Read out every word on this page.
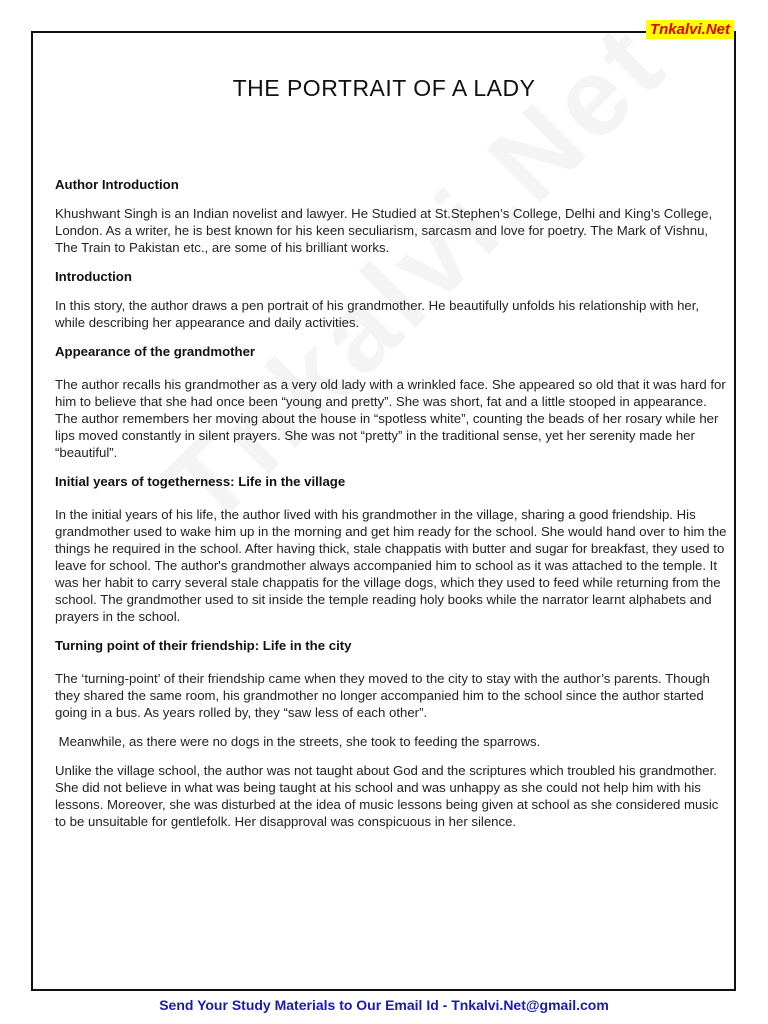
Tnkalvi.Net
THE PORTRAIT OF A LADY
Author Introduction

Khushwant Singh is an Indian novelist and lawyer. He Studied at St.Stephen’s College, Delhi and King’s College, London. As a writer, he is best known for his keen seculiarism, sarcasm and love for poetry. The Mark of Vishnu, The Train to Pakistan etc., are some of his brilliant works.

Introduction

In this story, the author draws a pen portrait of his grandmother. He beautifully unfolds his relationship with her, while describing her appearance and daily activities.

Appearance of the grandmother

The author recalls his grandmother as a very old lady with a wrinkled face. She appeared so old that it was hard for him to believe that she had once been “young and pretty”. She was short, fat and a little stooped in appearance. The author remembers her moving about the house in “spotless white”, counting the beads of her rosary while her lips moved constantly in silent prayers. She was not “pretty” in the traditional sense, yet her serenity made her “beautiful”.

Initial years of togetherness: Life in the village

In the initial years of his life, the author lived with his grandmother in the village, sharing a good friendship. His grandmother used to wake him up in the morning and get him ready for the school. She would hand over to him the things he required in the school. After having thick, stale chappatis with butter and sugar for breakfast, they used to leave for school. The author's grandmother always accompanied him to school as it was attached to the temple. It was her habit to carry several stale chappatis for the village dogs, which they used to feed while returning from the school. The grandmother used to sit inside the temple reading holy books while the narrator learnt alphabets and prayers in the school.

Turning point of their friendship: Life in the city

The ‘turning-point’ of their friendship came when they moved to the city to stay with the author’s parents. Though they shared the same room, his grandmother no longer accompanied him to the school since the author started going in a bus. As years rolled by, they “saw less of each other”.

Meanwhile, as there were no dogs in the streets, she took to feeding the sparrows.

Unlike the village school, the author was not taught about God and the scriptures which troubled his grandmother. She did not believe in what was being taught at his school and was unhappy as she could not help him with his lessons. Moreover, she was disturbed at the idea of music lessons being given at school as she considered music to be unsuitable for gentlefolk. Her disapproval was conspicuous in her silence.

Send Your Study Materials to Our Email Id - Tnkalvi.Net@gmail.com
